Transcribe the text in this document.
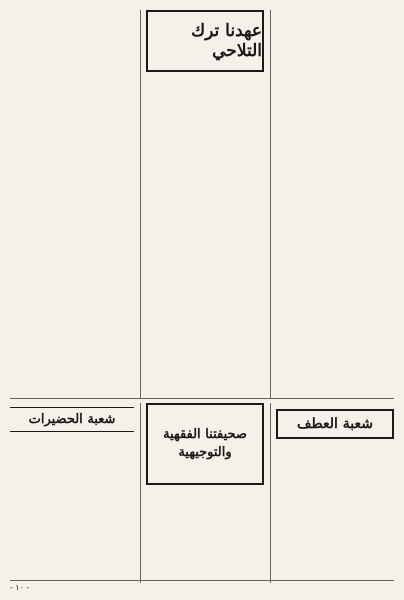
عهدنا ترك التلاحي
شعبة العطف
صحيفتنا الفقهية والتوجيهية
شعبة الحضيرات
- ١٠ -
